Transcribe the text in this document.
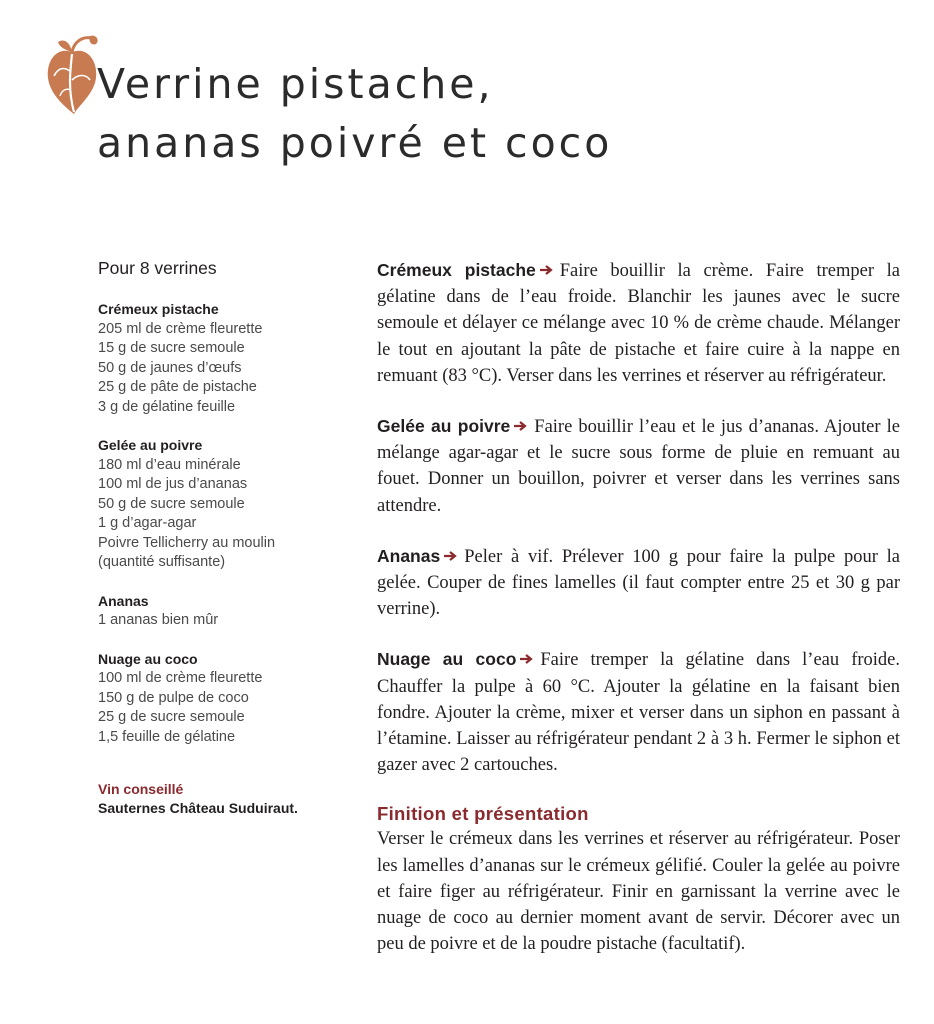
Verrine pistache,
ananas poivré et coco
Pour 8 verrines
Crémeux pistache
205 ml de crème fleurette
15 g de sucre semoule
50 g de jaunes d’œufs
25 g de pâte de pistache
3 g de gélatine feuille
Gelée au poivre
180 ml d’eau minérale
100 ml de jus d’ananas
50 g de sucre semoule
1 g d’agar-agar
Poivre Tellicherry au moulin
(quantité suffisante)
Ananas
1 ananas bien mûr
Nuage au coco
100 ml de crème fleurette
150 g de pulpe de coco
25 g de sucre semoule
1,5 feuille de gélatine
Vin conseillé
Sauternes Château Suduiraut.

Crémeux pistache Faire bouillir la crème. Faire tremper la gélatine dans de l’eau froide. Blanchir les jaunes avec le sucre semoule et délayer ce mélange avec 10 % de crème chaude. Mélanger le tout en ajoutant la pâte de pistache et faire cuire à la nappe en remuant (83 °C). Verser dans les verrines et réserver au réfrigérateur.

Gelée au poivre Faire bouillir l’eau et le jus d’ananas. Ajouter le mélange agar-agar et le sucre sous forme de pluie en remuant au fouet. Donner un bouillon, poivrer et verser dans les verrines sans attendre.

Ananas Peler à vif. Prélever 100 g pour faire la pulpe pour la gelée. Couper de fines lamelles (il faut compter entre 25 et 30 g par verrine).

Nuage au coco Faire tremper la gélatine dans l’eau froide. Chauffer la pulpe à 60 °C. Ajouter la gélatine en la faisant bien fondre. Ajouter la crème, mixer et verser dans un siphon en passant à l’étamine. Laisser au réfrigérateur pendant 2 à 3 h. Fermer le siphon et gazer avec 2 cartouches.

Finition et présentation

Verser le crémeux dans les verrines et réserver au réfrigérateur. Poser les lamelles d’ananas sur le crémeux gélifié. Couler la gelée au poivre et faire figer au réfrigérateur. Finir en garnissant la verrine avec le nuage de coco au dernier moment avant de servir. Décorer avec un peu de poivre et de la poudre pistache (facultatif).
